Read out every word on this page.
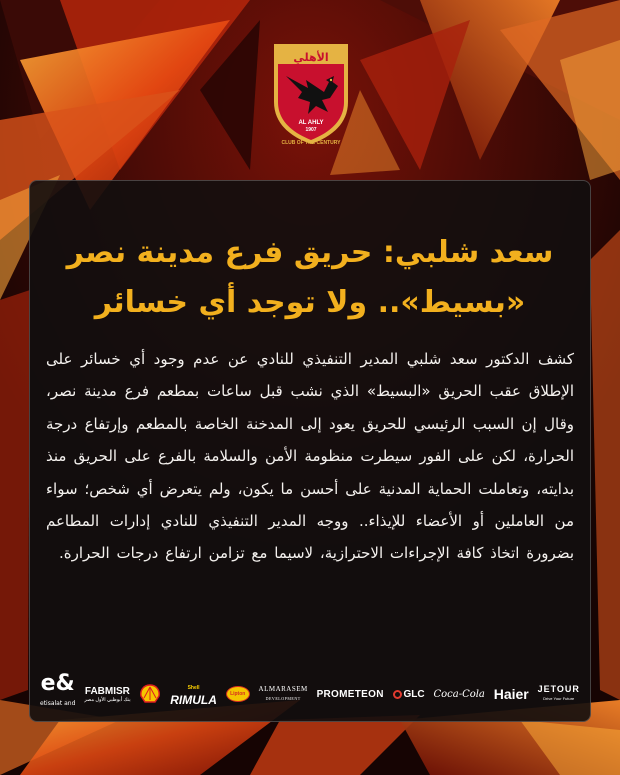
الأهلي
AL AHLY
1907
CLUB OF THE CENTURY
سعد شلبي: حريق فرع مدينة نصر
«بسيط».. ولا توجد أي خسائر

كشف الدكتور سعد شلبي المدير التنفيذي للنادي عن عدم وجود أي خسائر على الإطلاق عقب الحريق «البسيط» الذي نشب قبل ساعات بمطعم فرع مدينة نصر، وقال إن السبب الرئيسي للحريق يعود إلى المدخنة الخاصة بالمطعم وإرتفاع درجة الحرارة، لكن على الفور سيطرت منظومة الأمن والسلامة بالفرع على الحريق منذ بدايته، وتعاملت الحماية المدنية على أحسن ما يكون، ولم يتعرض أي شخص؛ سواء من العاملين أو الأعضاء للإيذاء.. ووجه المدير التنفيذي للنادي إدارات المطاعم بضرورة اتخاذ كافة الإجراءات الاحترازية، لاسيما مع تزامن ارتفاع درجات الحرارة.

e&
etisalat and
FABMISR
بنك أبوظبي الأول مصر
Shell
RIMULA	Lipton
ALMARASEM
DEVELOPMENT PROMETEON GLC Coca-Cola Haier JETOUR
Drive Your Future
